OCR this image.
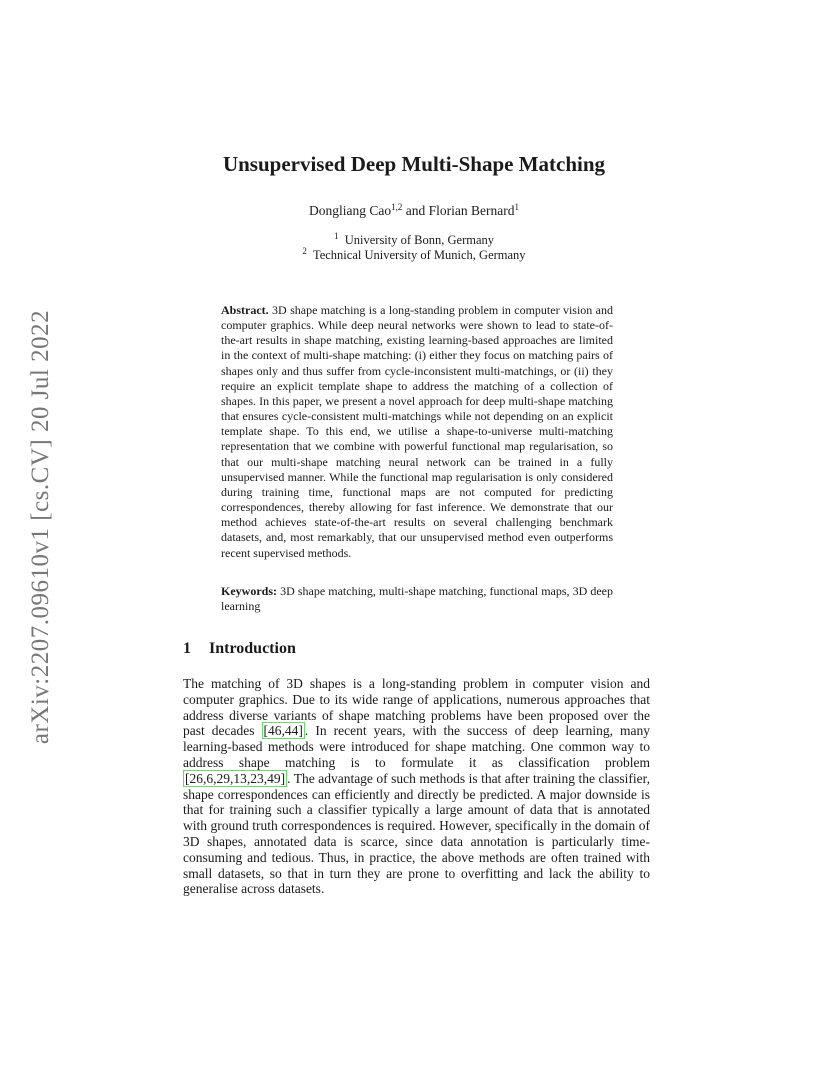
arXiv:2207.09610v1 [cs.CV] 20 Jul 2022
Unsupervised Deep Multi-Shape Matching
Dongliang Cao$^{1,2}$ and Florian Bernard$^1$
$^1$ University of Bonn, Germany
$^2$ Technical University of Munich, Germany
Abstract. 3D shape matching is a long-standing problem in computer vision and computer graphics. While deep neural networks were shown to lead to state-of-the-art results in shape matching, existing learning-based approaches are limited in the context of multi-shape matching: (i) either they focus on matching pairs of shapes only and thus suffer from cycle-inconsistent multi-matchings, or (ii) they require an explicit template shape to address the matching of a collection of shapes. In this paper, we present a novel approach for deep multi-shape matching that ensures cycle-consistent multi-matchings while not depending on an explicit template shape. To this end, we utilise a shape-to-universe multi-matching representation that we combine with powerful functional map regularisation, so that our multi-shape matching neural network can be trained in a fully unsupervised manner. While the functional map regularisation is only considered during training time, functional maps are not computed for predicting correspondences, thereby allowing for fast inference. We demonstrate that our method achieves state-of-the-art results on several challenging benchmark datasets, and, most remarkably, that our unsupervised method even outperforms recent supervised methods.
Keywords: 3D shape matching, multi-shape matching, functional maps, 3D deep learning
1 Introduction
The matching of 3D shapes is a long-standing problem in computer vision and computer graphics. Due to its wide range of applications, numerous approaches that address diverse variants of shape matching problems have been proposed over the past decades [46,44] . In recent years, with the success of deep learning, many learning-based methods were introduced for shape matching. One common way to address shape matching is to formulate it as classification problem [26,6,29,13,23,49] . The advantage of such methods is that after training the classifier, shape correspondences can efficiently and directly be predicted. A major downside is that for training such a classifier typically a large amount of data that is annotated with ground truth correspondences is required. However, specifically in the domain of 3D shapes, annotated data is scarce, since data annotation is particularly time-consuming and tedious. Thus, in practice, the above methods are often trained with small datasets, so that in turn they are prone to overfitting and lack the ability to generalise across datasets.
